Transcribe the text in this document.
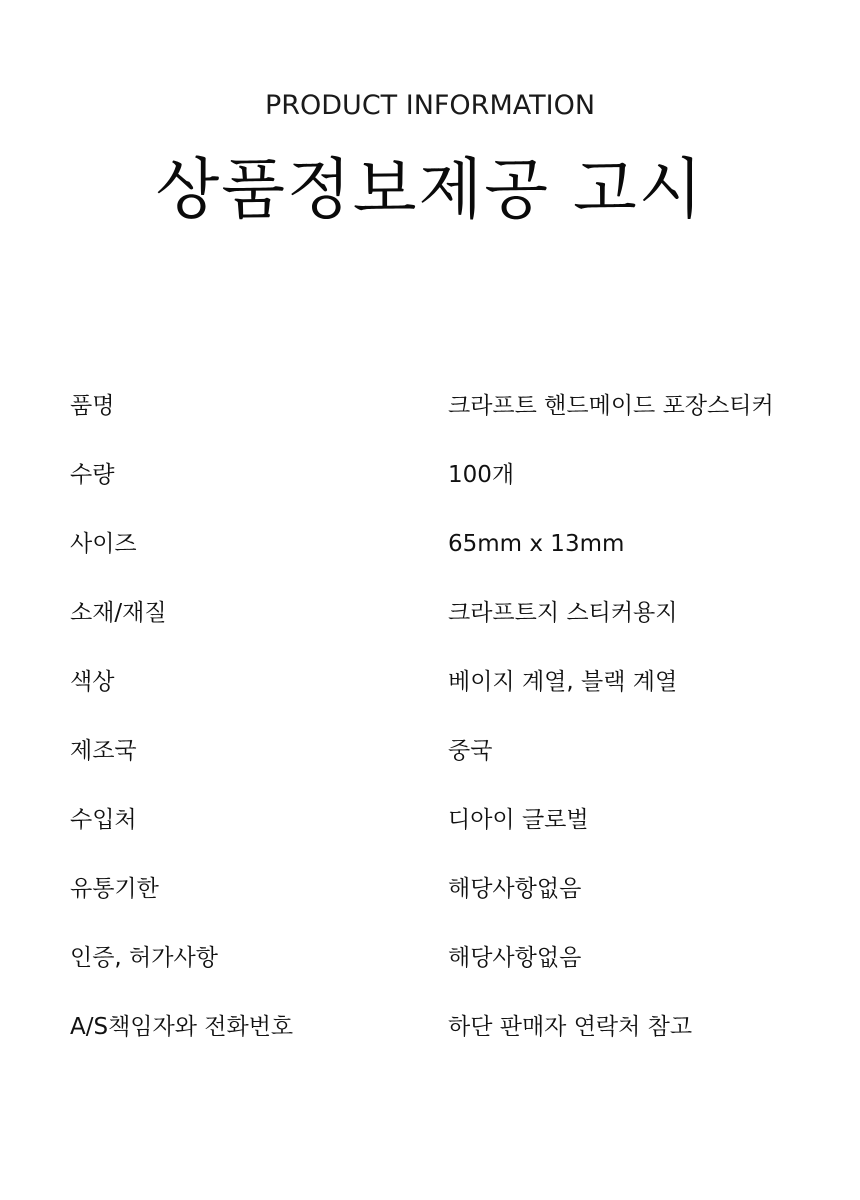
PRODUCT INFORMATION
상품정보제공 고시
품명	크라프트 핸드메이드 포장스티커
수량	100개
사이즈	65mm x 13mm
소재/재질	크라프트지 스티커용지
색상	베이지 계열, 블랙 계열
제조국	중국
수입처	디아이 글로벌
유통기한	해당사항없음
인증, 허가사항	해당사항없음
A/S책임자와 전화번호	하단 판매자 연락처 참고
